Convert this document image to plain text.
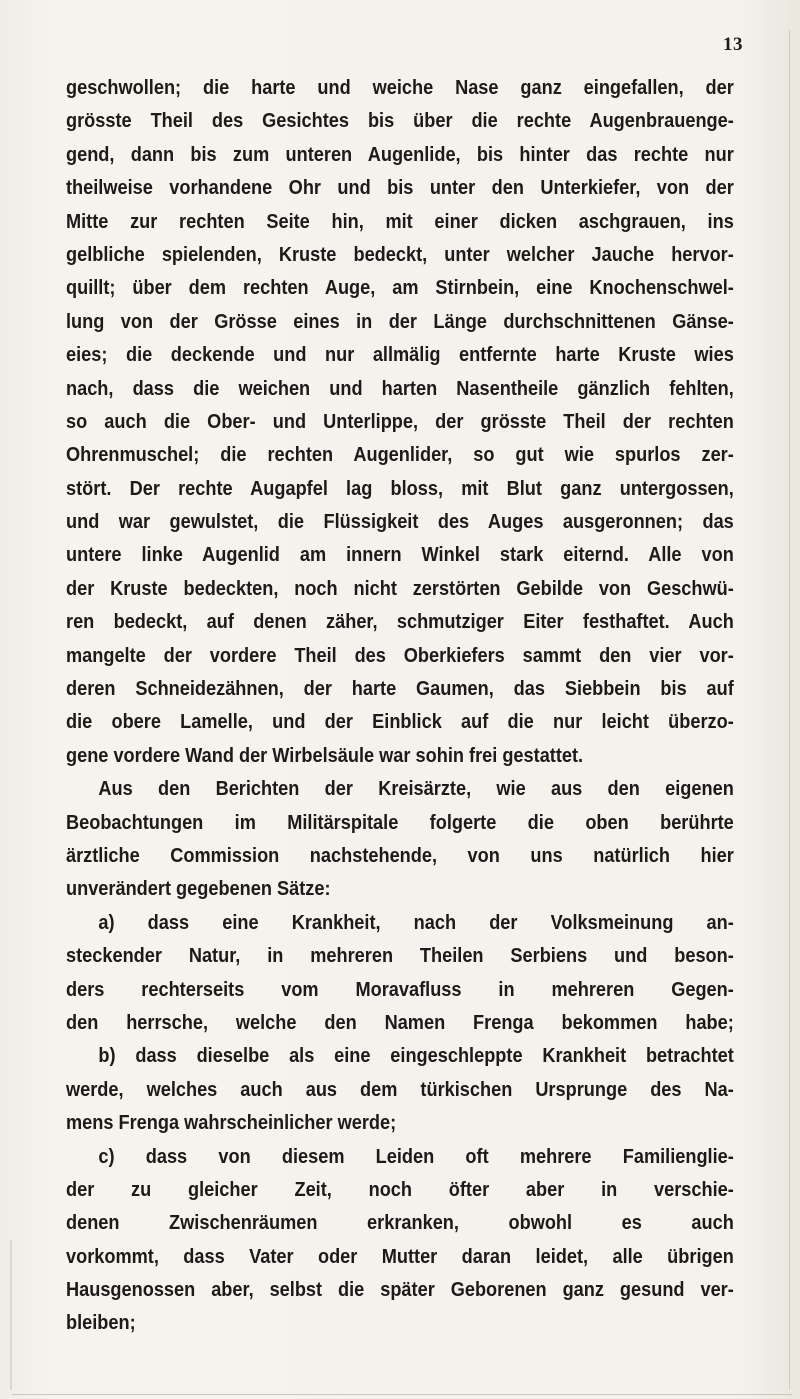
13
geschwollen; die harte und weiche Nase ganz eingefallen, der
grösste Theil des Gesichtes bis über die rechte Augenbrauenge-
gend, dann bis zum unteren Augenlide, bis hinter das rechte nur
theilweise vorhandene Ohr und bis unter den Unterkiefer, von der
Mitte zur rechten Seite hin, mit einer dicken aschgrauen, ins
gelbliche spielenden, Kruste bedeckt, unter welcher Jauche hervor-
quillt; über dem rechten Auge, am Stirnbein, eine Knochenschwel-
lung von der Grösse eines in der Länge durchschnittenen Gänse-
eies; die deckende und nur allmälig entfernte harte Kruste wies
nach, dass die weichen und harten Nasentheile gänzlich fehlten,
so auch die Ober- und Unterlippe, der grösste Theil der rechten
Ohrenmuschel; die rechten Augenlider, so gut wie spurlos zer-
stört. Der rechte Augapfel lag bloss, mit Blut ganz untergossen,
und war gewulstet, die Flüssigkeit des Auges ausgeronnen; das
untere linke Augenlid am innern Winkel stark eiternd. Alle von
der Kruste bedeckten, noch nicht zerstörten Gebilde von Geschwü-
ren bedeckt, auf denen zäher, schmutziger Eiter festhaftet. Auch
mangelte der vordere Theil des Oberkiefers sammt den vier vor-
deren Schneidezähnen, der harte Gaumen, das Siebbein bis auf
die obere Lamelle, und der Einblick auf die nur leicht überzo-
gene vordere Wand der Wirbelsäule war sohin frei gestattet.
Aus den Berichten der Kreisärzte, wie aus den eigenen
Beobachtungen im Militärspitale folgerte die oben berührte
ärztliche Commission nachstehende, von uns natürlich hier
unverändert gegebenen Sätze:
a) dass eine Krankheit, nach der Volksmeinung an-
steckender Natur, in mehreren Theilen Serbiens und beson-
ders rechterseits vom Moravafluss in mehreren Gegen-
den herrsche, welche den Namen Frenga bekommen habe;
b) dass dieselbe als eine eingeschleppte Krankheit betrachtet
werde, welches auch aus dem türkischen Ursprunge des Na-
mens Frenga wahrscheinlicher werde;
c) dass von diesem Leiden oft mehrere Familienglie-
der zu gleicher Zeit, noch öfter aber in verschie-
denen Zwischenräumen erkranken, obwohl es auch
vorkommt, dass Vater oder Mutter daran leidet, alle übrigen
Hausgenossen aber, selbst die später Geborenen ganz gesund ver-
bleiben;
